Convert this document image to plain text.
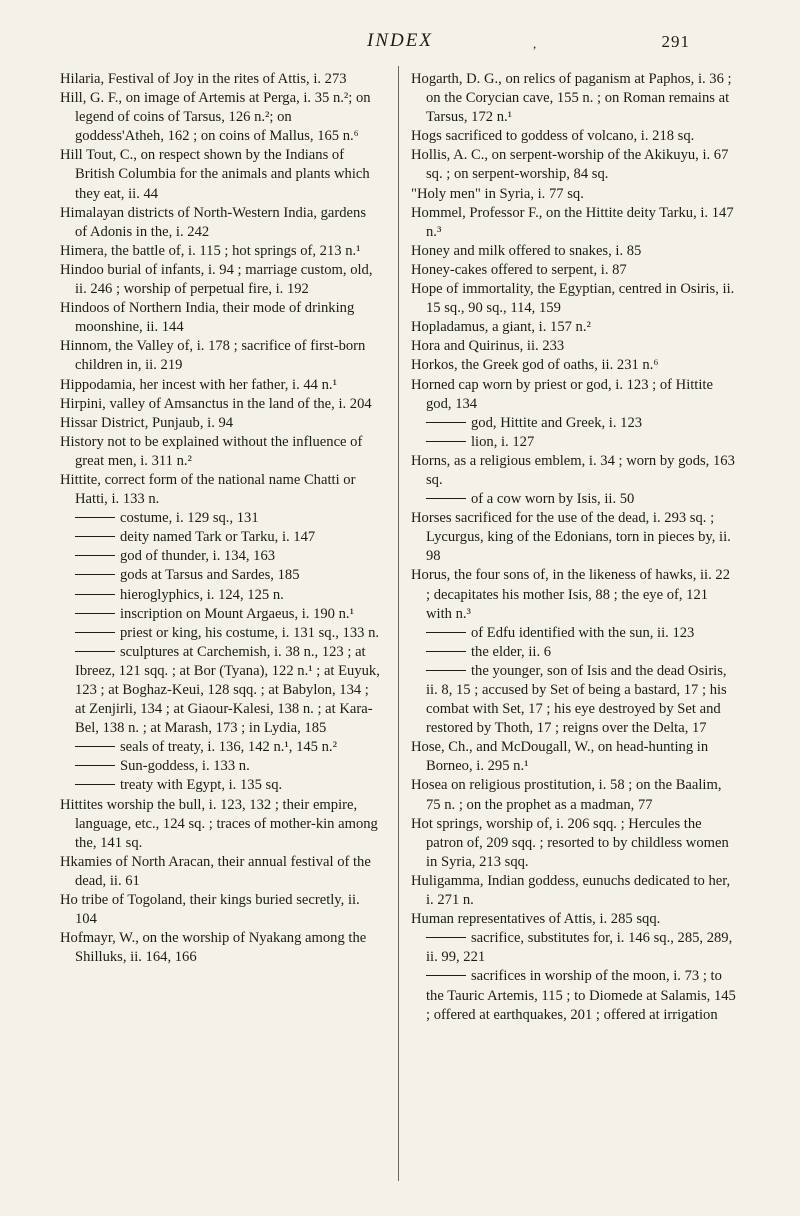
INDEX	,	291

Hilaria, Festival of Joy in the rites of Attis, i. 273

Hill, G. F., on image of Artemis at Perga, i. 35 n.²; on legend of coins of Tarsus, 126 n.²; on goddess'Atheh, 162 ; on coins of Mallus, 165 n.⁶

Hill Tout, C., on respect shown by the Indians of British Columbia for the animals and plants which they eat, ii. 44

Himalayan districts of North-Western India, gardens of Adonis in the, i. 242

Himera, the battle of, i. 115 ; hot springs of, 213 n.¹

Hindoo burial of infants, i. 94 ; marriage custom, old, ii. 246 ; worship of perpetual fire, i. 192

Hindoos of Northern India, their mode of drinking moonshine, ii. 144

Hinnom, the Valley of, i. 178 ; sacrifice of first-born children in, ii. 219

Hippodamia, her incest with her father, i. 44 n.¹

Hirpini, valley of Amsanctus in the land of the, i. 204

Hissar District, Punjaub, i. 94

History not to be explained without the influence of great men, i. 311 n.²

Hittite, correct form of the national name Chatti or Hatti, i. 133 n.

costume, i. 129 sq., 131

deity named Tark or Tarku, i. 147

god of thunder, i. 134, 163

gods at Tarsus and Sardes, 185

hieroglyphics, i. 124, 125 n.

inscription on Mount Argaeus, i. 190 n.¹

priest or king, his costume, i. 131 sq., 133 n.

sculptures at Carchemish, i. 38 n., 123 ; at Ibreez, 121 sqq. ; at Bor (Tyana), 122 n.¹ ; at Euyuk, 123 ; at Boghaz-Keui, 128 sqq. ; at Babylon, 134 ; at Zenjirli, 134 ; at Giaour-Kalesi, 138 n. ; at Kara-Bel, 138 n. ; at Marash, 173 ; in Lydia, 185

seals of treaty, i. 136, 142 n.¹, 145 n.²

Sun-goddess, i. 133 n.

treaty with Egypt, i. 135 sq.

Hittites worship the bull, i. 123, 132 ; their empire, language, etc., 124 sq. ; traces of mother-kin among the, 141 sq.

Hkamies of North Aracan, their annual festival of the dead, ii. 61

Ho tribe of Togoland, their kings buried secretly, ii. 104

Hofmayr, W., on the worship of Nyakang among the Shilluks, ii. 164, 166

Hogarth, D. G., on relics of paganism at Paphos, i. 36 ; on the Corycian cave, 155 n. ; on Roman remains at Tarsus, 172 n.¹

Hogs sacrificed to goddess of volcano, i. 218 sq.

Hollis, A. C., on serpent-worship of the Akikuyu, i. 67 sq. ; on serpent-worship, 84 sq.

"Holy men" in Syria, i. 77 sq.

Hommel, Professor F., on the Hittite deity Tarku, i. 147 n.³

Honey and milk offered to snakes, i. 85

Honey-cakes offered to serpent, i. 87

Hope of immortality, the Egyptian, centred in Osiris, ii. 15 sq., 90 sq., 114, 159

Hopladamus, a giant, i. 157 n.²

Hora and Quirinus, ii. 233

Horkos, the Greek god of oaths, ii. 231 n.⁶

Horned cap worn by priest or god, i. 123 ; of Hittite god, 134

god, Hittite and Greek, i. 123

lion, i. 127

Horns, as a religious emblem, i. 34 ; worn by gods, 163 sq.

of a cow worn by Isis, ii. 50

Horses sacrificed for the use of the dead, i. 293 sq. ; Lycurgus, king of the Edonians, torn in pieces by, ii. 98

Horus, the four sons of, in the likeness of hawks, ii. 22 ; decapitates his mother Isis, 88 ; the eye of, 121 with n.³

of Edfu identified with the sun, ii. 123

the elder, ii. 6

the younger, son of Isis and the dead Osiris, ii. 8, 15 ; accused by Set of being a bastard, 17 ; his combat with Set, 17 ; his eye destroyed by Set and restored by Thoth, 17 ; reigns over the Delta, 17

Hose, Ch., and McDougall, W., on head-hunting in Borneo, i. 295 n.¹

Hosea on religious prostitution, i. 58 ; on the Baalim, 75 n. ; on the prophet as a madman, 77

Hot springs, worship of, i. 206 sqq. ; Hercules the patron of, 209 sqq. ; resorted to by childless women in Syria, 213 sqq.

Huligamma, Indian goddess, eunuchs dedicated to her, i. 271 n.

Human representatives of Attis, i. 285 sqq.

sacrifice, substitutes for, i. 146 sq., 285, 289, ii. 99, 221

sacrifices in worship of the moon, i. 73 ; to the Tauric Artemis, 115 ; to Diomede at Salamis, 145 ; offered at earthquakes, 201 ; offered at irrigation
